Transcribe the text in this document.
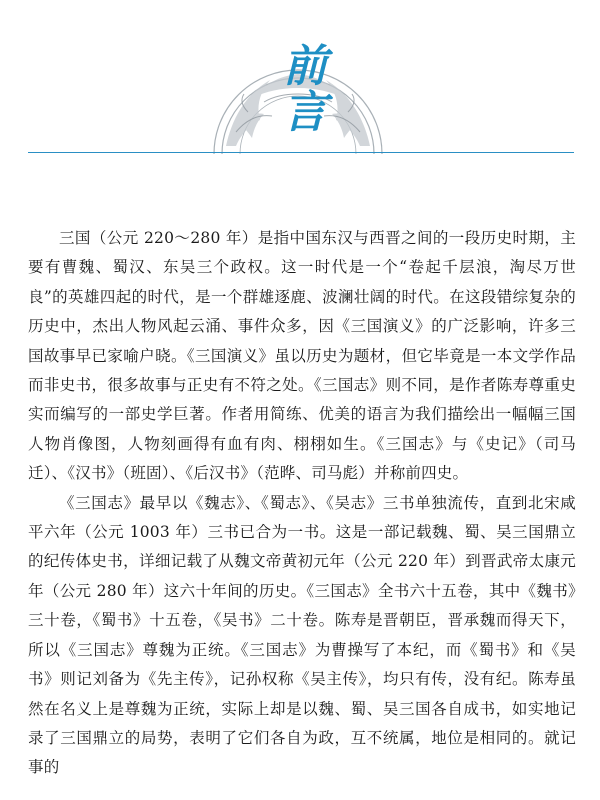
前
言

三国（公元 220～280 年）是指中国东汉与西晋之间的一段历史时期，主要有曹魏、蜀汉、东吴三个政权。这一时代是一个“卷起千层浪，淘尽万世良”的英雄四起的时代，是一个群雄逐鹿、波澜壮阔的时代。在这段错综复杂的历史中，杰出人物风起云涌、事件众多，因《三国演义》的广泛影响，许多三国故事早已家喻户晓。《三国演义》虽以历史为题材，但它毕竟是一本文学作品而非史书，很多故事与正史有不符之处。《三国志》则不同，是作者陈寿尊重史实而编写的一部史学巨著。作者用简练、优美的语言为我们描绘出一幅幅三国人物肖像图，人物刻画得有血有肉、栩栩如生。《三国志》与《史记》（司马迁）、《汉书》（班固）、《后汉书》（范晔、司马彪）并称前四史。

《三国志》最早以《魏志》、《蜀志》、《吴志》三书单独流传，直到北宋咸平六年（公元 1003 年）三书已合为一书。这是一部记载魏、蜀、吴三国鼎立的纪传体史书，详细记载了从魏文帝黄初元年（公元 220 年）到晋武帝太康元年（公元 280 年）这六十年间的历史。《三国志》全书六十五卷，其中《魏书》三十卷，《蜀书》十五卷，《吴书》二十卷。陈寿是晋朝臣，晋承魏而得天下，所以《三国志》尊魏为正统。《三国志》为曹操写了本纪，而《蜀书》和《吴书》则记刘备为《先主传》，记孙权称《吴主传》，均只有传，没有纪。陈寿虽然在名义上是尊魏为正统，实际上却是以魏、蜀、吴三国各自成书，如实地记录了三国鼎立的局势，表明了它们各自为政，互不统属，地位是相同的。就记事的
